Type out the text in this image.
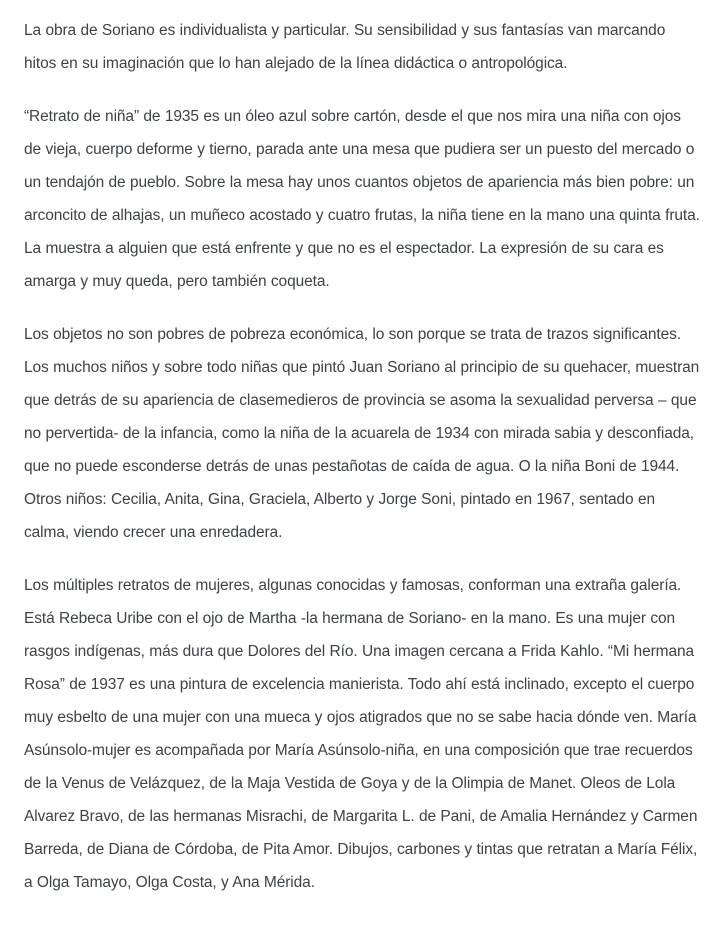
La obra de Soriano es individualista y particular. Su sensibilidad y sus fantasías van marcando hitos en su imaginación que lo han alejado de la línea didáctica o antropológica.

“Retrato de niña” de 1935 es un óleo azul sobre cartón, desde el que nos mira una niña con ojos de vieja, cuerpo deforme y tierno, parada ante una mesa que pudiera ser un puesto del mercado o un tendajón de pueblo. Sobre la mesa hay unos cuantos objetos de apariencia más bien pobre: un arconcito de alhajas, un muñeco acostado y cuatro frutas, la niña tiene en la mano una quinta fruta. La muestra a alguien que está enfrente y que no es el espectador. La expresión de su cara es amarga y muy queda, pero también coqueta.

Los objetos no son pobres de pobreza económica, lo son porque se trata de trazos significantes. Los muchos niños y sobre todo niñas que pintó Juan Soriano al principio de su quehacer, muestran que detrás de su apariencia de clasemedieros de provincia se asoma la sexualidad perversa – que no pervertida- de la infancia, como la niña de la acuarela de 1934 con mirada sabia y desconfiada, que no puede esconderse detrás de unas pestañotas de caída de agua. O la niña Boni de 1944. Otros niños: Cecilia, Anita, Gina, Graciela, Alberto y Jorge Soni, pintado en 1967, sentado en calma, viendo crecer una enredadera.

Los múltiples retratos de mujeres, algunas conocidas y famosas, conforman una extraña galería. Está Rebeca Uribe con el ojo de Martha -la hermana de Soriano- en la mano. Es una mujer con rasgos indígenas, más dura que Dolores del Río. Una imagen cercana a Frida Kahlo. “Mi hermana Rosa” de 1937 es una pintura de excelencia manierista. Todo ahí está inclinado, excepto el cuerpo muy esbelto de una mujer con una mueca y ojos atigrados que no se sabe hacia dónde ven. María Asúnsolo-mujer es acompañada por María Asúnsolo-niña, en una composición que trae recuerdos de la Venus de Velázquez, de la Maja Vestida de Goya y de la Olimpia de Manet. Oleos de Lola Alvarez Bravo, de las hermanas Misrachi, de Margarita L. de Pani, de Amalia Hernández y Carmen Barreda, de Diana de Córdoba, de Pita Amor. Dibujos, carbones y tintas que retratan a María Félix, a Olga Tamayo, Olga Costa, y Ana Mérida.
